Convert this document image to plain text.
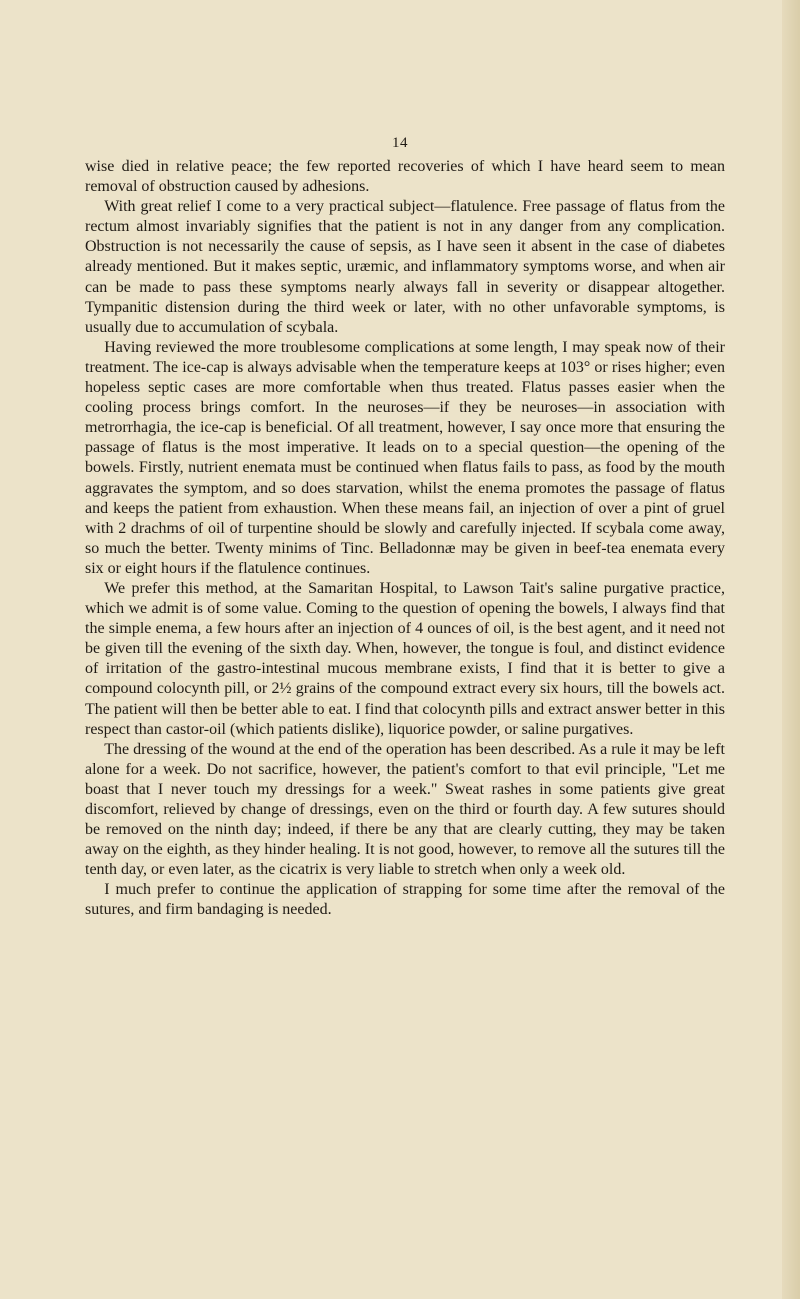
14

wise died in relative peace; the few reported recoveries of which I have heard seem to mean removal of obstruction caused by adhesions.

With great relief I come to a very practical subject—flatulence. Free passage of flatus from the rectum almost invariably signifies that the patient is not in any danger from any complication. Obstruction is not necessarily the cause of sepsis, as I have seen it absent in the case of diabetes already mentioned. But it makes septic, uræmic, and inflammatory symptoms worse, and when air can be made to pass these symptoms nearly always fall in severity or disappear altogether. Tympanitic distension during the third week or later, with no other unfavorable symptoms, is usually due to accumulation of scybala.

Having reviewed the more troublesome complications at some length, I may speak now of their treatment. The ice-cap is always advisable when the temperature keeps at 103° or rises higher; even hopeless septic cases are more comfortable when thus treated. Flatus passes easier when the cooling process brings comfort. In the neuroses—if they be neuroses—in association with metrorrhagia, the ice-cap is beneficial. Of all treatment, however, I say once more that ensuring the passage of flatus is the most imperative. It leads on to a special question—the opening of the bowels. Firstly, nutrient enemata must be continued when flatus fails to pass, as food by the mouth aggravates the symptom, and so does starvation, whilst the enema promotes the passage of flatus and keeps the patient from exhaustion. When these means fail, an injection of over a pint of gruel with 2 drachms of oil of turpentine should be slowly and carefully injected. If scybala come away, so much the better. Twenty minims of Tinc. Belladonnæ may be given in beef-tea enemata every six or eight hours if the flatulence continues.

We prefer this method, at the Samaritan Hospital, to Lawson Tait's saline purgative practice, which we admit is of some value. Coming to the question of opening the bowels, I always find that the simple enema, a few hours after an injection of 4 ounces of oil, is the best agent, and it need not be given till the evening of the sixth day. When, however, the tongue is foul, and distinct evidence of irritation of the gastro-intestinal mucous membrane exists, I find that it is better to give a compound colocynth pill, or 2½ grains of the compound extract every six hours, till the bowels act. The patient will then be better able to eat. I find that colocynth pills and extract answer better in this respect than castor-oil (which patients dislike), liquorice powder, or saline purgatives.

The dressing of the wound at the end of the operation has been described. As a rule it may be left alone for a week. Do not sacrifice, however, the patient's comfort to that evil principle, "Let me boast that I never touch my dressings for a week." Sweat rashes in some patients give great discomfort, relieved by change of dressings, even on the third or fourth day. A few sutures should be removed on the ninth day; indeed, if there be any that are clearly cutting, they may be taken away on the eighth, as they hinder healing. It is not good, however, to remove all the sutures till the tenth day, or even later, as the cicatrix is very liable to stretch when only a week old.

I much prefer to continue the application of strapping for some time after the removal of the sutures, and firm bandaging is needed.
